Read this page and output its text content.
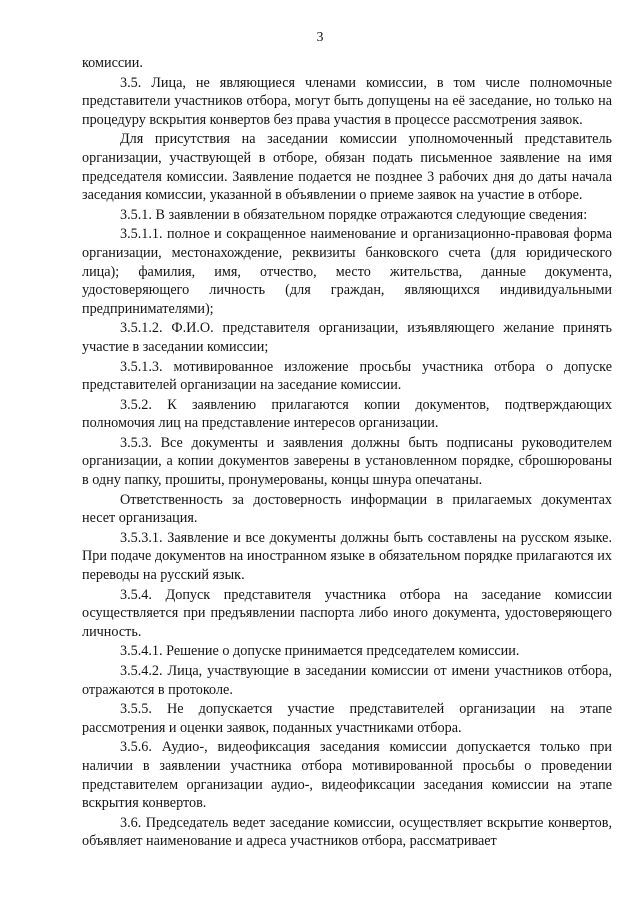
3

комиссии.

3.5. Лица, не являющиеся членами комиссии, в том числе полномочные представители участников отбора, могут быть допущены на её заседание, но только на процедуру вскрытия конвертов без права участия в процессе рассмотрения заявок.

Для присутствия на заседании комиссии уполномоченный представитель организации, участвующей в отборе, обязан подать письменное заявление на имя председателя комиссии. Заявление подается не позднее 3 рабочих дня до даты начала заседания комиссии, указанной в объявлении о приеме заявок на участие в отборе.

3.5.1. В заявлении в обязательном порядке отражаются следующие сведения:

3.5.1.1. полное и сокращенное наименование и организационно-правовая форма организации, местонахождение, реквизиты банковского счета (для юридического лица); фамилия, имя, отчество, место жительства, данные документа, удостоверяющего личность (для граждан, являющихся индивидуальными предпринимателями);

3.5.1.2. Ф.И.О. представителя организации, изъявляющего желание принять участие в заседании комиссии;

3.5.1.3. мотивированное изложение просьбы участника отбора о допуске представителей организации на заседание комиссии.

3.5.2. К заявлению прилагаются копии документов, подтверждающих полномочия лиц на представление интересов организации.

3.5.3. Все документы и заявления должны быть подписаны руководителем организации, а копии документов заверены в установленном порядке, сброшюрованы в одну папку, прошиты, пронумерованы, концы шнура опечатаны.

Ответственность за достоверность информации в прилагаемых документах несет организация.

3.5.3.1. Заявление и все документы должны быть составлены на русском языке. При подаче документов на иностранном языке в обязательном порядке прилагаются их переводы на русский язык.

3.5.4. Допуск представителя участника отбора на заседание комиссии осуществляется при предъявлении паспорта либо иного документа, удостоверяющего личность.

3.5.4.1. Решение о допуске принимается председателем комиссии.

3.5.4.2. Лица, участвующие в заседании комиссии от имени участников отбора, отражаются в протоколе.

3.5.5. Не допускается участие представителей организации на этапе рассмотрения и оценки заявок, поданных участниками отбора.

3.5.6. Аудио-, видеофиксация заседания комиссии допускается только при наличии в заявлении участника отбора мотивированной просьбы о проведении представителем организации аудио-, видеофиксации заседания комиссии на этапе вскрытия конвертов.

3.6. Председатель ведет заседание комиссии, осуществляет вскрытие конвертов, объявляет наименование и адреса участников отбора, рассматривает
